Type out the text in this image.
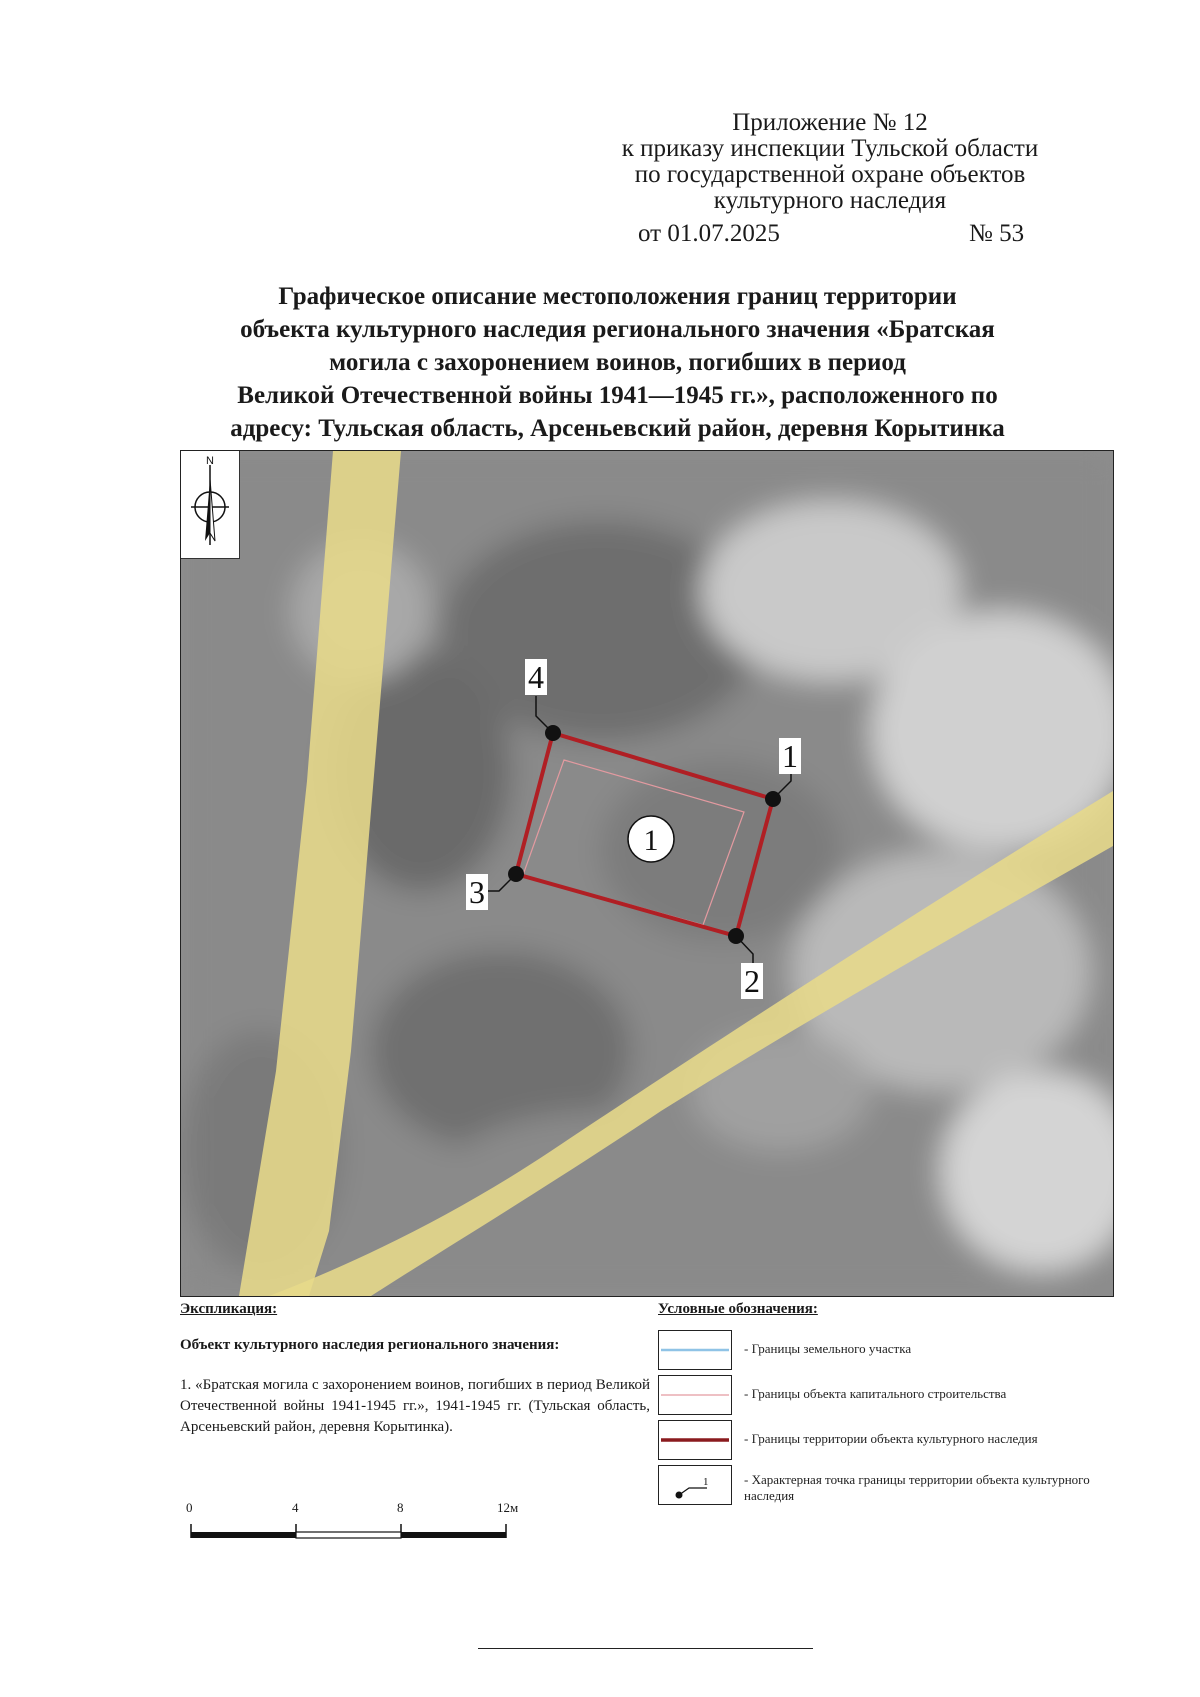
Приложение № 12
к приказу инспекции Тульской области
по государственной охране объектов
культурного наследия
от 01.07.2025	№ 53
Графическое описание местоположения границ территории
объекта культурного наследия регионального значения «Братская
могила с захоронением воинов, погибших в период
Великой Отечественной войны 1941—1945 гг.», расположенного по
адресу: Тульская область, Арсеньевский район, деревня Корытинка
1
2
3
4
1
N
Экспликация:
Объект культурного наследия регионального значения:
1. «Братская могила с захоронением воинов, погибших в период Великой Отечественной войны 1941-1945 гг.», 1941-1945 гг. (Тульская область, Арсеньевский район, деревня Корытинка).
Условные обозначения:
- Границы земельного участка
- Границы объекта капитального строительства
- Границы территории объекта культурного наследия
1	- Характерная точка границы территории объекта культурного наследия
0	4	8	12м
